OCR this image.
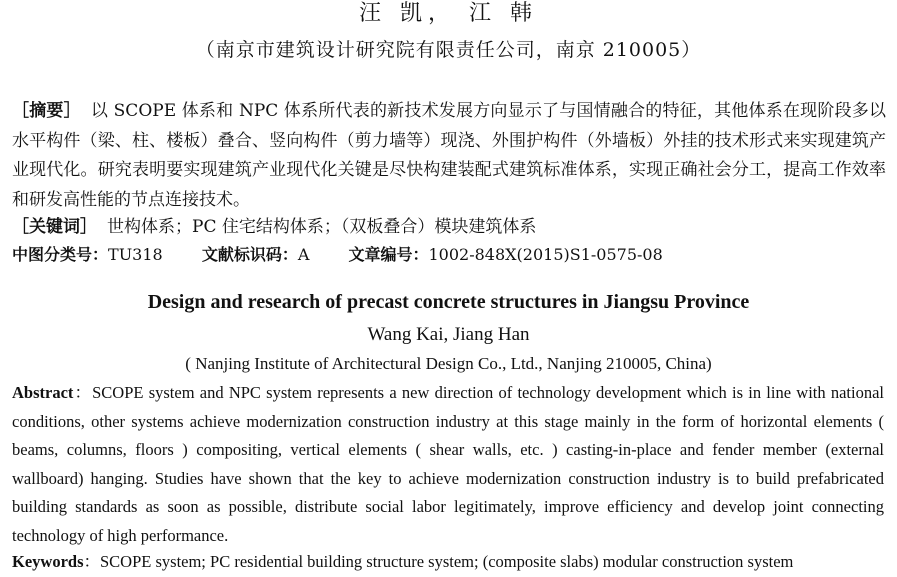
汪 凯， 江 韩
（南京市建筑设计研究院有限责任公司，南京 210005）
［摘要］ 以 SCOPE 体系和 NPC 体系所代表的新技术发展方向显示了与国情融合的特征，其他体系在现阶段多以水平构件（梁、柱、楼板）叠合、竖向构件（剪力墙等）现浇、外围护构件（外墙板）外挂的技术形式来实现建筑产业现代化。研究表明要实现建筑产业现代化关键是尽快构建装配式建筑标准体系，实现正确社会分工，提高工作效率和研发高性能的节点连接技术。
［关键词］ 世构体系；PC 住宅结构体系；（双板叠合）模块建筑体系
中图分类号：TU318 文献标识码：A 文章编号：1002-848X(2015)S1-0575-08
Design and research of precast concrete structures in Jiangsu Province
Wang Kai, Jiang Han
( Nanjing Institute of Architectural Design Co., Ltd., Nanjing 210005, China)
Abstract：SCOPE system and NPC system represents a new direction of technology development which is in line with national conditions, other systems achieve modernization construction industry at this stage mainly in the form of horizontal elements ( beams, columns, floors ) compositing, vertical elements ( shear walls, etc. ) casting-in-place and fender member (external wallboard) hanging. Studies have shown that the key to achieve modernization construction industry is to build prefabricated building standards as soon as possible, distribute social labor legitimately, improve efficiency and develop joint connecting technology of high performance.
Keywords：SCOPE system; PC residential building structure system; (composite slabs) modular construction system
